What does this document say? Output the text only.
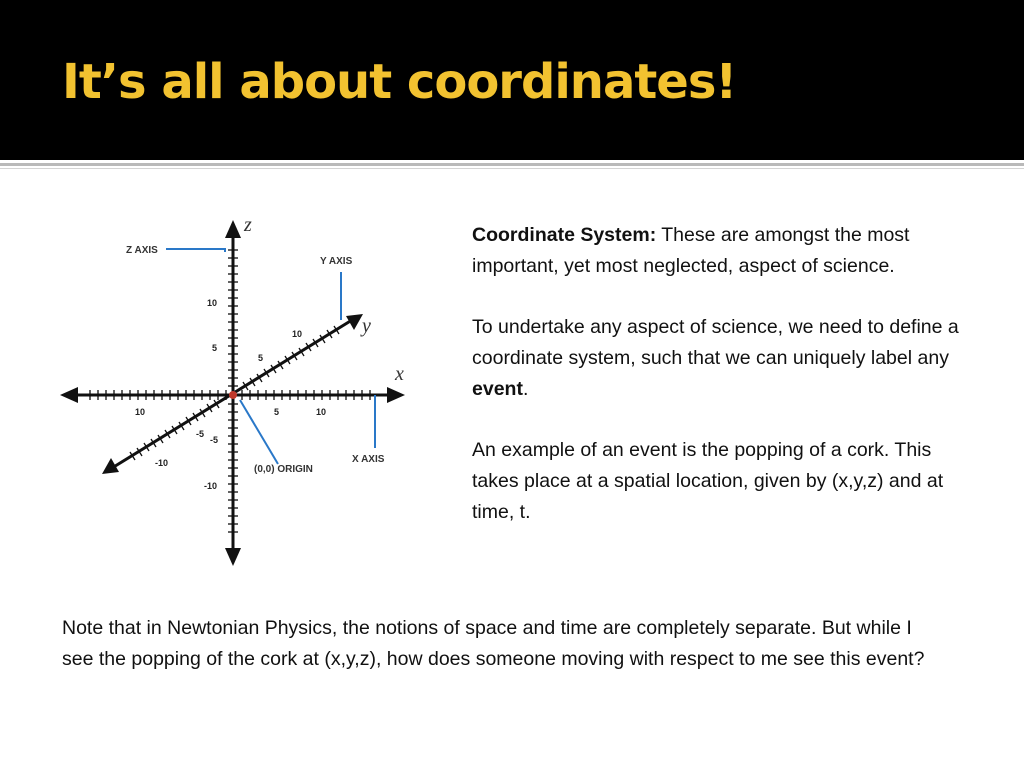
It’s all about coordinates!
Z AXIS
Y AXIS
X AXIS
(0,0) ORIGIN
z
y
x
10
5
-5
-10
5	10
10
5
10
-5
-10

Coordinate System: These are amongst the most important, yet most neglected, aspect of science.

To undertake any aspect of science, we need to define a coordinate system, such that we can uniquely label any event.

An example of an event is the popping of a cork. This takes place at a spatial location, given by (x,y,z) and at time, t.

Note that in Newtonian Physics, the notions of space and time are completely separate. But while I see the popping of the cork at (x,y,z), how does someone moving with respect to me see this event?
